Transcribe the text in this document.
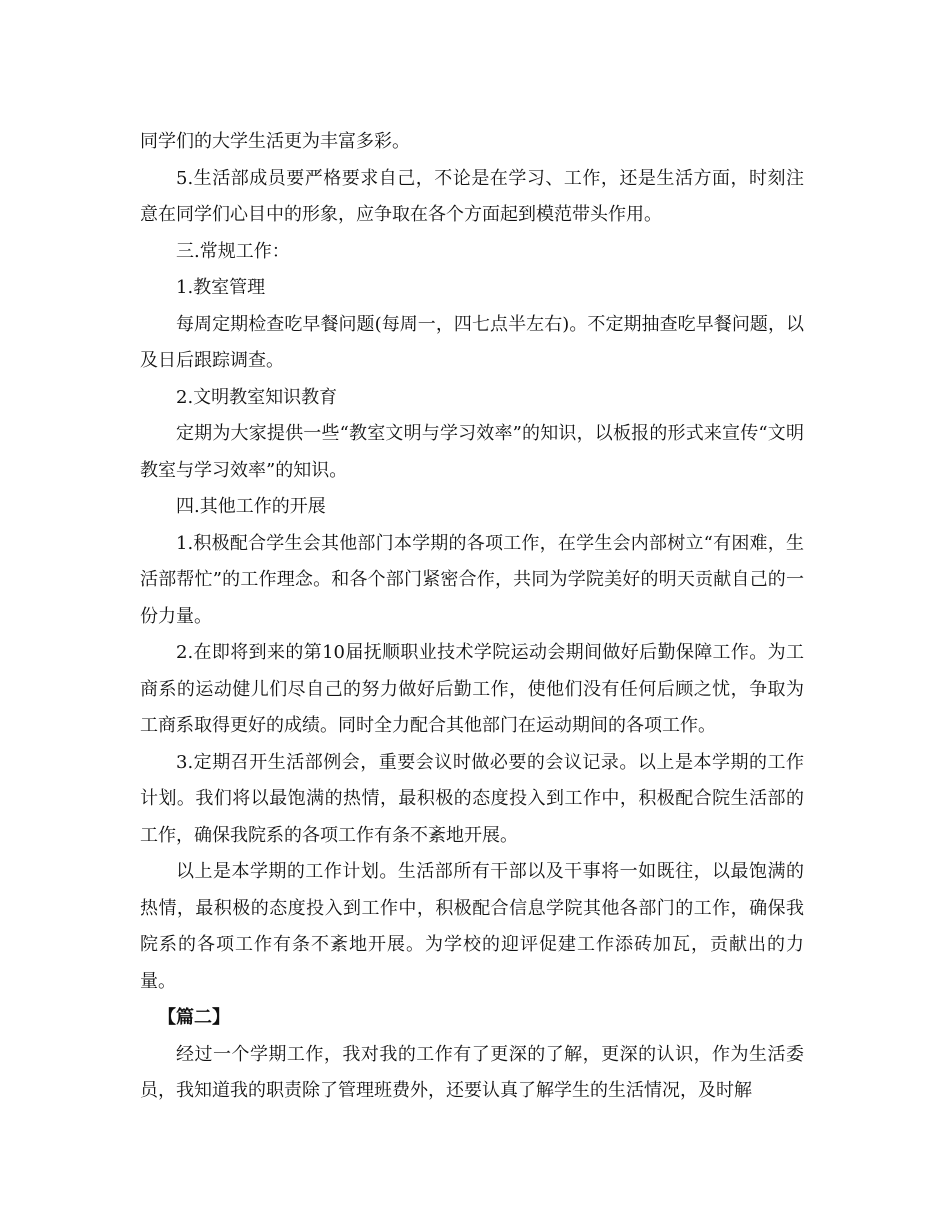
同学们的大学生活更为丰富多彩。

5.生活部成员要严格要求自己，不论是在学习、工作，还是生活方面，时刻注意在同学们心目中的形象，应争取在各个方面起到模范带头作用。

三.常规工作：

1.教室管理

每周定期检查吃早餐问题(每周一，四七点半左右)。不定期抽查吃早餐问题，以及日后跟踪调查。

2.文明教室知识教育

定期为大家提供一些“教室文明与学习效率”的知识，以板报的形式来宣传“文明教室与学习效率”的知识。

四.其他工作的开展

1.积极配合学生会其他部门本学期的各项工作，在学生会内部树立“有困难，生活部帮忙”的工作理念。和各个部门紧密合作，共同为学院美好的明天贡献自己的一份力量。

2.在即将到来的第10届抚顺职业技术学院运动会期间做好后勤保障工作。为工商系的运动健儿们尽自己的努力做好后勤工作，使他们没有任何后顾之忧，争取为工商系取得更好的成绩。同时全力配合其他部门在运动期间的各项工作。

3.定期召开生活部例会，重要会议时做必要的会议记录。以上是本学期的工作计划。我们将以最饱满的热情，最积极的态度投入到工作中，积极配合院生活部的工作，确保我院系的各项工作有条不紊地开展。

以上是本学期的工作计划。生活部所有干部以及干事将一如既往，以最饱满的热情，最积极的态度投入到工作中，积极配合信息学院其他各部门的工作，确保我院系的各项工作有条不紊地开展。为学校的迎评促建工作添砖加瓦，贡献出的力量。

【篇二】

经过一个学期工作，我对我的工作有了更深的了解，更深的认识，作为生活委员，我知道我的职责除了管理班费外，还要认真了解学生的生活情况，及时解
